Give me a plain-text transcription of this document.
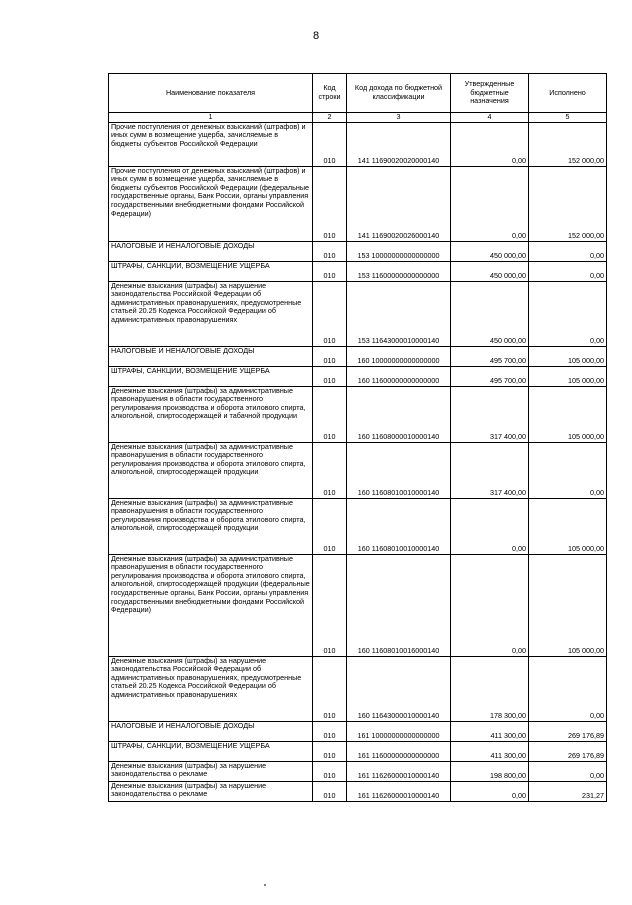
8
Наименование показателя	Код строки	Код дохода по бюджетной классификации	Утвержденные бюджетные назначения	Исполнено
1	2	3	4	5
Прочие поступления от денежных взысканий (штрафов) и иных сумм в возмещение ущерба, зачисляемые в бюджеты субъектов Российской Федерации	010	141 11690020020000140	0,00	152 000,00
Прочие поступления от денежных взысканий (штрафов) и иных сумм в возмещение ущерба, зачисляемые в бюджеты субъектов Российской Федерации (федеральные государственные органы, Банк России, органы управления государственными внебюджетными фондами Российской Федерации)	010	141 11690020026000140	0,00	152 000,00
НАЛОГОВЫЕ И НЕНАЛОГОВЫЕ ДОХОДЫ	010	153 10000000000000000	450 000,00	0,00
ШТРАФЫ, САНКЦИИ, ВОЗМЕЩЕНИЕ УЩЕРБА	010	153 11600000000000000	450 000,00	0,00
Денежные взыскания (штрафы) за нарушение законодательства Российской Федерации об административных правонарушениях, предусмотренные статьей 20.25 Кодекса Российской Федерации об административных правонарушениях	010	153 11643000010000140	450 000,00	0,00
НАЛОГОВЫЕ И НЕНАЛОГОВЫЕ ДОХОДЫ	010	160 10000000000000000	495 700,00	105 000,00
ШТРАФЫ, САНКЦИИ, ВОЗМЕЩЕНИЕ УЩЕРБА	010	160 11600000000000000	495 700,00	105 000,00
Денежные взыскания (штрафы) за административные правонарушения в области государственного регулирования производства и оборота этилового спирта, алкогольной, спиртосодержащей и табачной продукции	010	160 11608000010000140	317 400,00	105 000,00
Денежные взыскания (штрафы) за административные правонарушения в области государственного регулирования производства и оборота этилового спирта, алкогольной, спиртосодержащей продукции	010	160 11608010010000140	317 400,00	0,00
Денежные взыскания (штрафы) за административные правонарушения в области государственного регулирования производства и оборота этилового спирта, алкогольной, спиртосодержащей продукции	010	160 11608010010000140	0,00	105 000,00
Денежные взыскания (штрафы) за административные правонарушения в области государственного регулирования производства и оборота этилового спирта, алкогольной, спиртосодержащей продукции (федеральные государственные органы, Банк России, органы управления государственными внебюджетными фондами Российской Федерации)	010	160 11608010016000140	0,00	105 000,00
Денежные взыскания (штрафы) за нарушение законодательства Российской Федерации об административных правонарушениях, предусмотренные статьей 20.25 Кодекса Российской Федерации об административных правонарушениях	010	160 11643000010000140	178 300,00	0,00
НАЛОГОВЫЕ И НЕНАЛОГОВЫЕ ДОХОДЫ	010	161 10000000000000000	411 300,00	269 176,89
ШТРАФЫ, САНКЦИИ, ВОЗМЕЩЕНИЕ УЩЕРБА	010	161 11600000000000000	411 300,00	269 176,89
Денежные взыскания (штрафы) за нарушение законодательства о рекламе	010	161 11626000010000140	198 800,00	0,00
Денежные взыскания (штрафы) за нарушение законодательства о рекламе	010	161 11626000010000140	0,00	231,27
